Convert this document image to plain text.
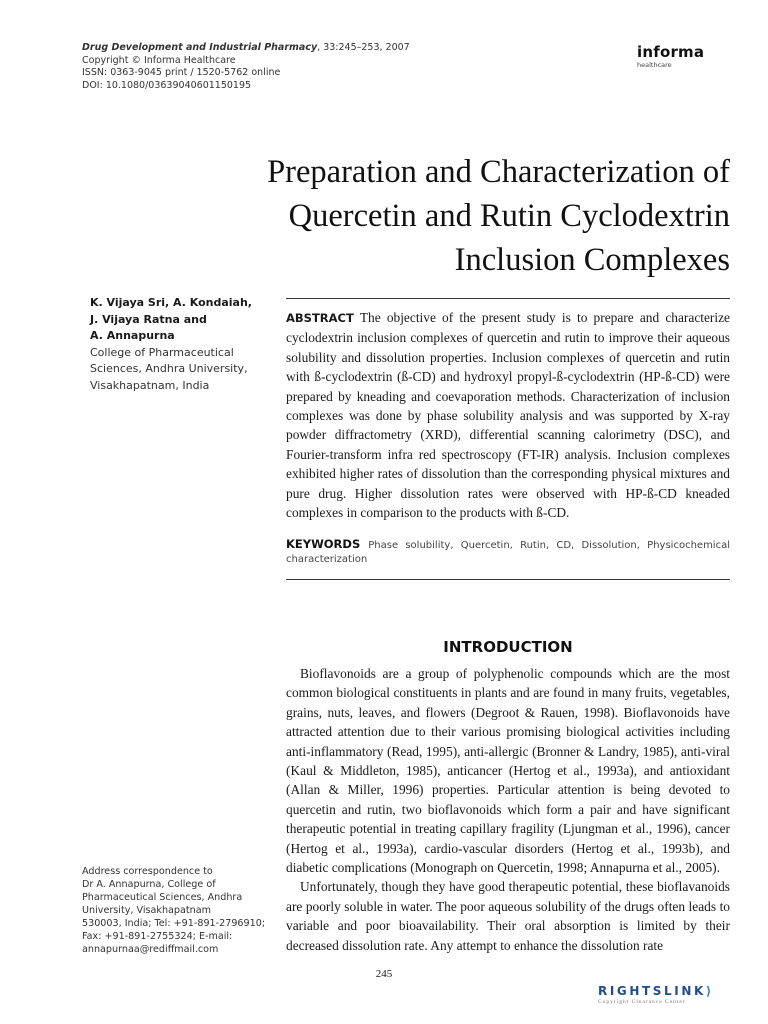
Drug Development and Industrial Pharmacy, 33:245–253, 2007
Copyright © Informa Healthcare
ISSN: 0363-9045 print / 1520-5762 online
DOI: 10.1080/03639040601150195
informa
healthcare
Preparation and Characterization of
Quercetin and Rutin Cyclodextrin
Inclusion Complexes
K. Vijaya Sri, A. Kondaiah,
J. Vijaya Ratna and
A. Annapurna
College of Pharmaceutical
Sciences, Andhra University,
Visakhapatnam, India
ABSTRACT The objective of the present study is to prepare and characterize cyclodextrin inclusion complexes of quercetin and rutin to improve their aqueous solubility and dissolution properties. Inclusion complexes of quercetin and rutin with ß-cyclodextrin (ß-CD) and hydroxyl propyl-ß-cyclodextrin (HP-ß-CD) were prepared by kneading and coevaporation methods. Characterization of inclusion complexes was done by phase solubility analysis and was supported by X-ray powder diffractometry (XRD), differential scanning calorimetry (DSC), and Fourier-transform infra red spectroscopy (FT-IR) analysis. Inclusion complexes exhibited higher rates of dissolution than the corresponding physical mixtures and pure drug. Higher dissolution rates were observed with HP-ß-CD kneaded complexes in comparison to the products with ß-CD.
KEYWORDS Phase solubility, Quercetin, Rutin, CD, Dissolution, Physicochemical characterization
INTRODUCTION

Bioflavonoids are a group of polyphenolic compounds which are the most common biological constituents in plants and are found in many fruits, vegetables, grains, nuts, leaves, and flowers (Degroot & Rauen, 1998). Bioflavonoids have attracted attention due to their various promising biological activities including anti-inflammatory (Read, 1995), anti-allergic (Bronner & Landry, 1985), anti-viral (Kaul & Middleton, 1985), anticancer (Hertog et al., 1993a), and antioxidant (Allan & Miller, 1996) properties. Particular attention is being devoted to quercetin and rutin, two bioflavonoids which form a pair and have significant therapeutic potential in treating capillary fragility (Ljungman et al., 1996), cancer (Hertog et al., 1993a), cardio-vascular disorders (Hertog et al., 1993b), and diabetic complications (Monograph on Quercetin, 1998; Annapurna et al., 2005).

Unfortunately, though they have good therapeutic potential, these bioflavanoids are poorly soluble in water. The poor aqueous solubility of the drugs often leads to variable and poor bioavailability. Their oral absorption is limited by their decreased dissolution rate. Any attempt to enhance the dissolution rate

Address correspondence to
Dr A. Annapurna, College of
Pharmaceutical Sciences, Andhra
University, Visakhapatnam
530003, India; Tel: +91-891-2796910;
Fax: +91-891-2755324; E-mail:
annapurnaa@rediffmail.com
245
RIGHTSLINK⟩
Copyright Clearance Center
